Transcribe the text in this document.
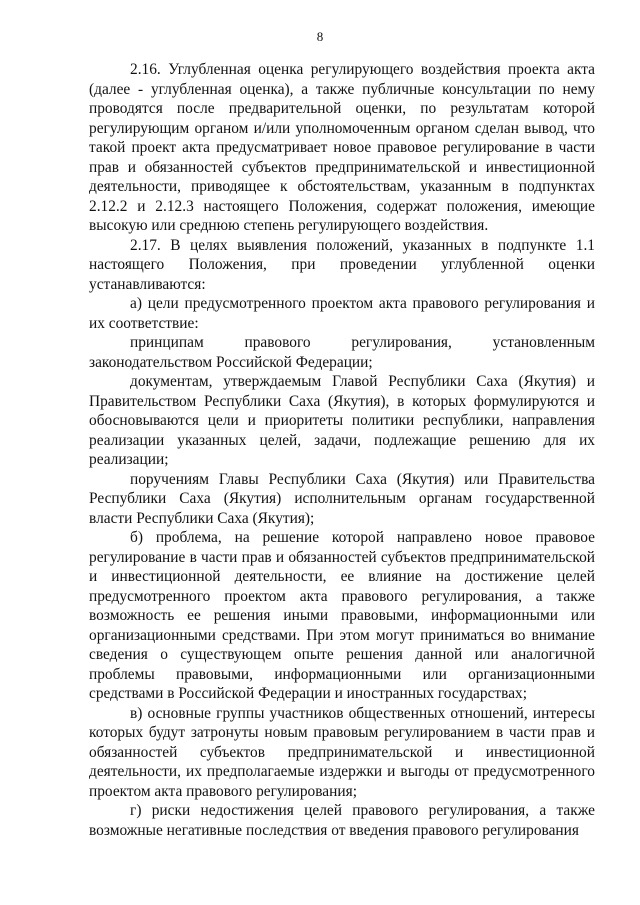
8

2.16. Углубленная оценка регулирующего воздействия проекта акта (далее - углубленная оценка), а также публичные консультации по нему проводятся после предварительной оценки, по результатам которой регулирующим органом и/или уполномоченным органом сделан вывод, что такой проект акта предусматривает новое правовое регулирование в части прав и обязанностей субъектов предпринимательской и инвестиционной деятельности, приводящее к обстоятельствам, указанным в подпунктах 2.12.2 и 2.12.3 настоящего Положения, содержат положения, имеющие высокую или среднюю степень регулирующего воздействия.

2.17. В целях выявления положений, указанных в подпункте 1.1 настоящего Положения, при проведении углубленной оценки устанавливаются:

а) цели предусмотренного проектом акта правового регулирования и их соответствие:

принципам правового регулирования, установленным законодательством Российской Федерации;

документам, утверждаемым Главой Республики Саха (Якутия) и Правительством Республики Саха (Якутия), в которых формулируются и обосновываются цели и приоритеты политики республики, направления реализации указанных целей, задачи, подлежащие решению для их реализации;

поручениям Главы Республики Саха (Якутия) или Правительства Республики Саха (Якутия) исполнительным органам государственной власти Республики Саха (Якутия);

б) проблема, на решение которой направлено новое правовое регулирование в части прав и обязанностей субъектов предпринимательской и инвестиционной деятельности, ее влияние на достижение целей предусмотренного проектом акта правового регулирования, а также возможность ее решения иными правовыми, информационными или организационными средствами. При этом могут приниматься во внимание сведения о существующем опыте решения данной или аналогичной проблемы правовыми, информационными или организационными средствами в Российской Федерации и иностранных государствах;

в) основные группы участников общественных отношений, интересы которых будут затронуты новым правовым регулированием в части прав и обязанностей субъектов предпринимательской и инвестиционной деятельности, их предполагаемые издержки и выгоды от предусмотренного проектом акта правового регулирования;

г) риски недостижения целей правового регулирования, а также возможные негативные последствия от введения правового регулирования
